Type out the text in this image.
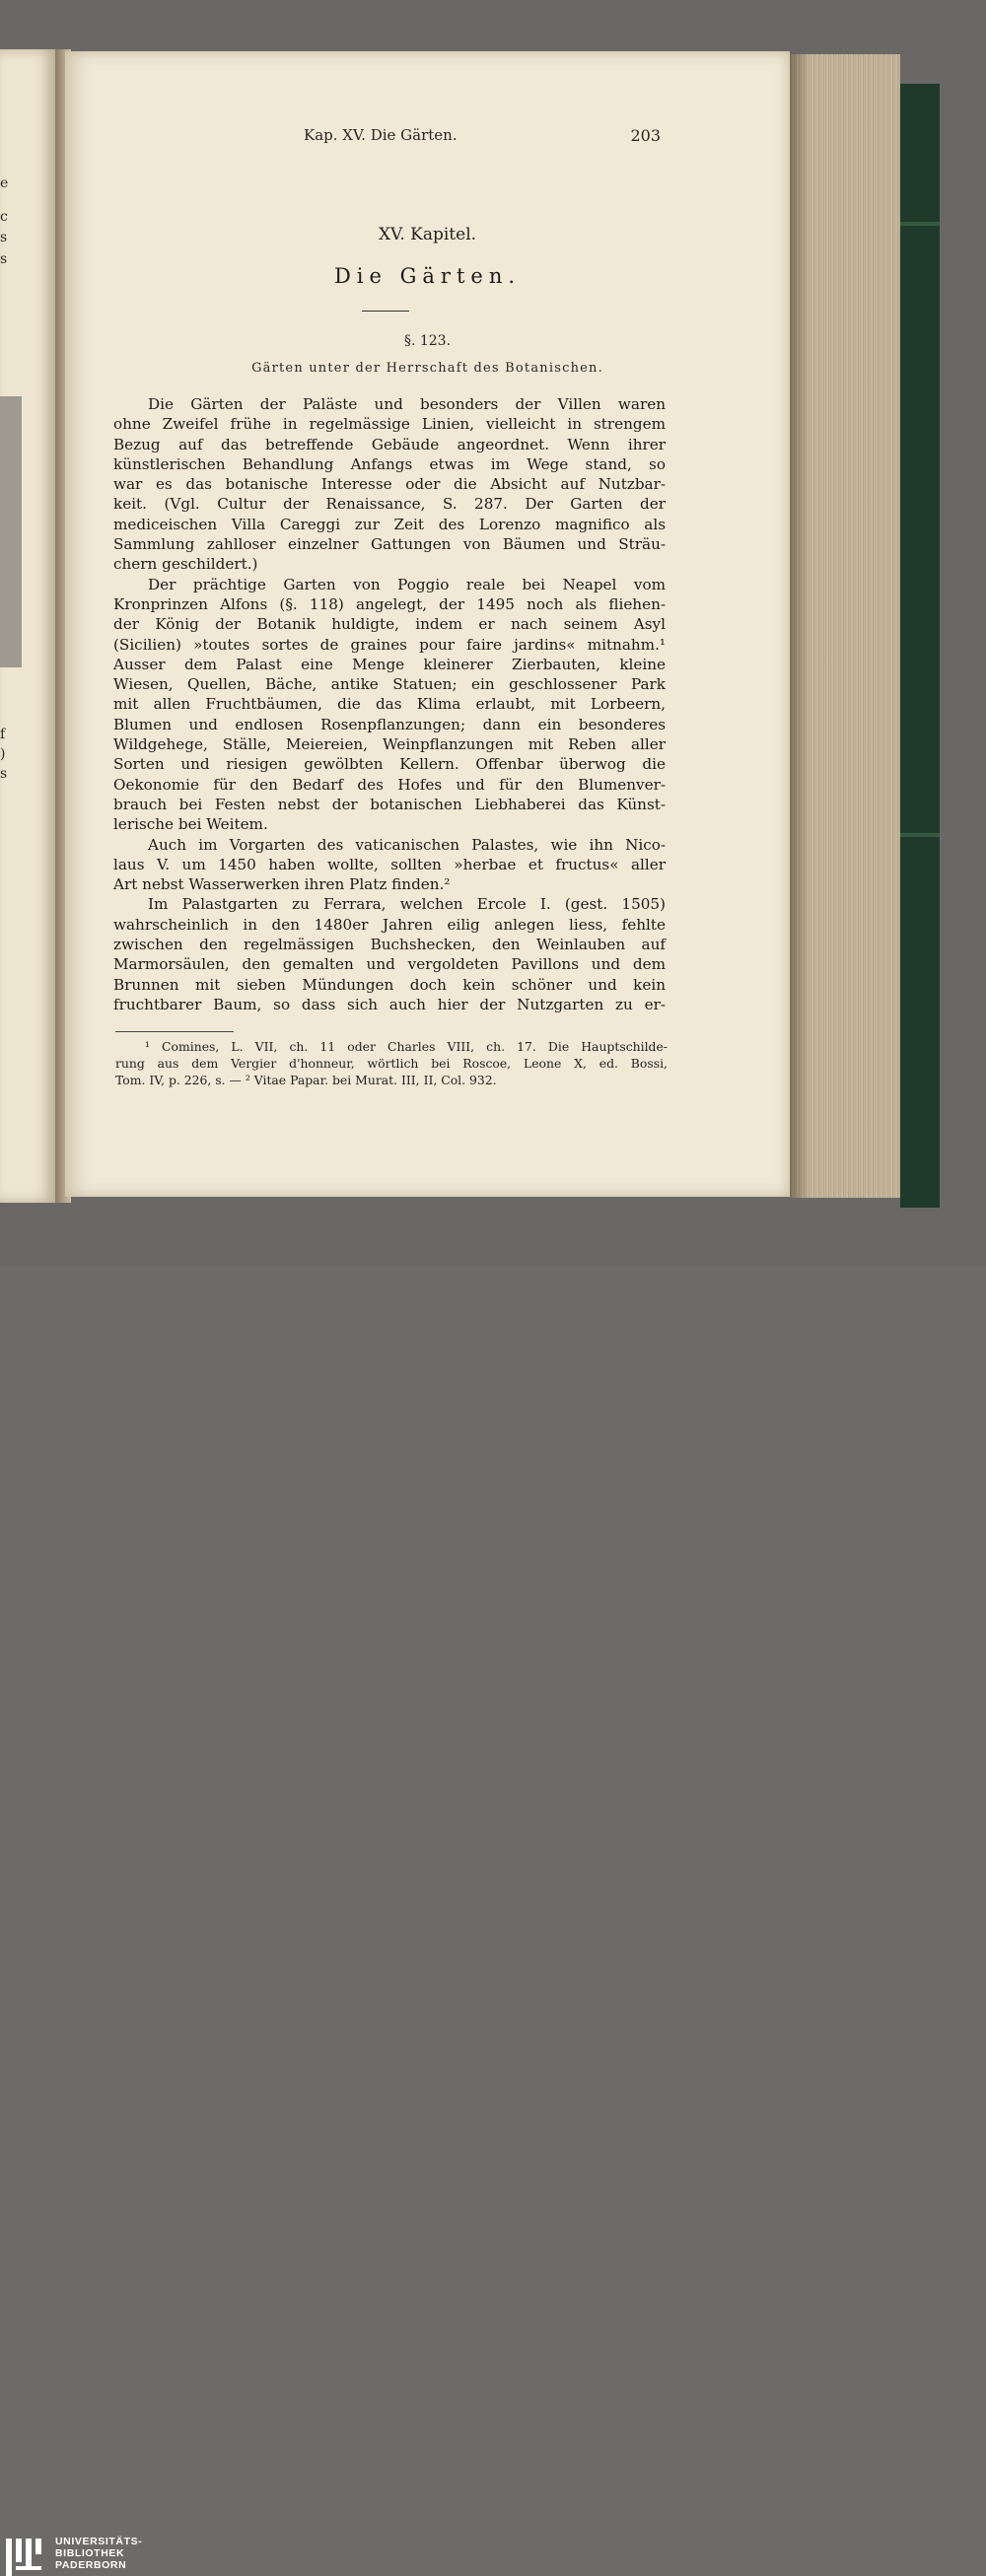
e
c
s
s
f
)
s
Kap. XV. Die Gärten.	203
XV. Kapitel.
Die Gärten.
§. 123.
Gärten unter der Herrschaft des Botanischen.
Die Gärten der Paläste und besonders der Villen waren
ohne Zweifel frühe in regelmässige Linien, vielleicht in strengem
Bezug auf das betreffende Gebäude angeordnet. Wenn ihrer
künstlerischen Behandlung Anfangs etwas im Wege stand, so
war es das botanische Interesse oder die Absicht auf Nutzbar-
keit. (Vgl. Cultur der Renaissance, S. 287. Der Garten der
mediceischen Villa Careggi zur Zeit des Lorenzo magnifico als
Sammlung zahlloser einzelner Gattungen von Bäumen und Sträu-
chern geschildert.)
Der prächtige Garten von Poggio reale bei Neapel vom
Kronprinzen Alfons (§. 118) angelegt, der 1495 noch als fliehen-
der König der Botanik huldigte, indem er nach seinem Asyl
(Sicilien) »toutes sortes de graines pour faire jardins« mitnahm.¹
Ausser dem Palast eine Menge kleinerer Zierbauten, kleine
Wiesen, Quellen, Bäche, antike Statuen; ein geschlossener Park
mit allen Fruchtbäumen, die das Klima erlaubt, mit Lorbeern,
Blumen und endlosen Rosenpflanzungen; dann ein besonderes
Wildgehege, Ställe, Meiereien, Weinpflanzungen mit Reben aller
Sorten und riesigen gewölbten Kellern. Offenbar überwog die
Oekonomie für den Bedarf des Hofes und für den Blumenver-
brauch bei Festen nebst der botanischen Liebhaberei das Künst-
lerische bei Weitem.
Auch im Vorgarten des vaticanischen Palastes, wie ihn Nico-
laus V. um 1450 haben wollte, sollten »herbae et fructus« aller
Art nebst Wasserwerken ihren Platz finden.²
Im Palastgarten zu Ferrara, welchen Ercole I. (gest. 1505)
wahrscheinlich in den 1480er Jahren eilig anlegen liess, fehlte
zwischen den regelmässigen Buchshecken, den Weinlauben auf
Marmorsäulen, den gemalten und vergoldeten Pavillons und dem
Brunnen mit sieben Mündungen doch kein schöner und kein
fruchtbarer Baum, so dass sich auch hier der Nutzgarten zu er-
¹ Comines, L. VII, ch. 11 oder Charles VIII, ch. 17. Die Hauptschilde-
rung aus dem Vergier d'honneur, wörtlich bei Roscoe, Leone X, ed. Bossi,
Tom. IV, p. 226, s. — ² Vitae Papar. bei Murat. III, II, Col. 932.
UNIVERSITÄTS-
BIBLIOTHEK
PADERBORN
